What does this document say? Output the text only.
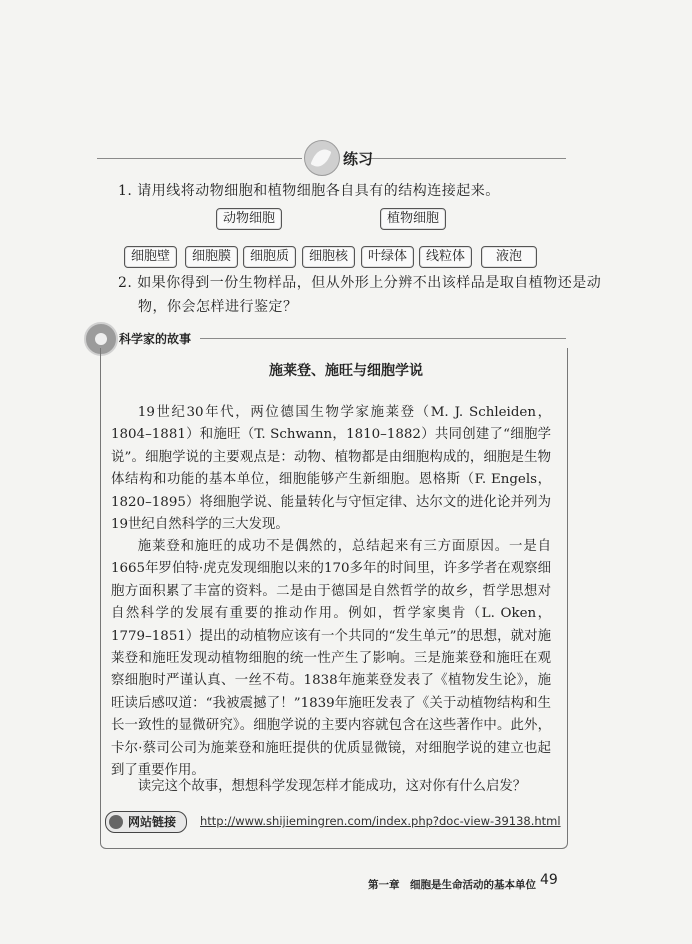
练习
1. 请用线将动物细胞和植物细胞各自具有的结构连接起来。
动物细胞	植物细胞
细胞壁	细胞膜	细胞质	细胞核	叶绿体	线粒体	液泡
2. 如果你得到一份生物样品，但从外形上分辨不出该样品是取自植物还是动
物，你会怎样进行鉴定？
科学家的故事
施莱登、施旺与细胞学说

19世纪30年代，两位德国生物学家施莱登（M. J. Schleiden，1804–1881）和施旺（T. Schwann，1810–1882）共同创建了“细胞学说”。细胞学说的主要观点是：动物、植物都是由细胞构成的，细胞是生物体结构和功能的基本单位，细胞能够产生新细胞。恩格斯（F. Engels，1820–1895）将细胞学说、能量转化与守恒定律、达尔文的进化论并列为19世纪自然科学的三大发现。

施莱登和施旺的成功不是偶然的，总结起来有三方面原因。一是自1665年罗伯特·虎克发现细胞以来的170多年的时间里，许多学者在观察细胞方面积累了丰富的资料。二是由于德国是自然哲学的故乡，哲学思想对自然科学的发展有重要的推动作用。例如，哲学家奥肯（L. Oken，1779–1851）提出的动植物应该有一个共同的“发生单元”的思想，就对施莱登和施旺发现动植物细胞的统一性产生了影响。三是施莱登和施旺在观察细胞时严谨认真、一丝不苟。1838年施莱登发表了《植物发生论》，施旺读后感叹道：“我被震撼了！”1839年施旺发表了《关于动植物结构和生长一致性的显微研究》。细胞学说的主要内容就包含在这些著作中。此外，卡尔·蔡司公司为施莱登和施旺提供的优质显微镜，对细胞学说的建立也起到了重要作用。

读完这个故事，想想科学发现怎样才能成功，这对你有什么启发？

网站链接 http://www.shijiemingren.com/index.php?doc-view-39138.html
第一章　细胞是生命活动的基本单位 49
